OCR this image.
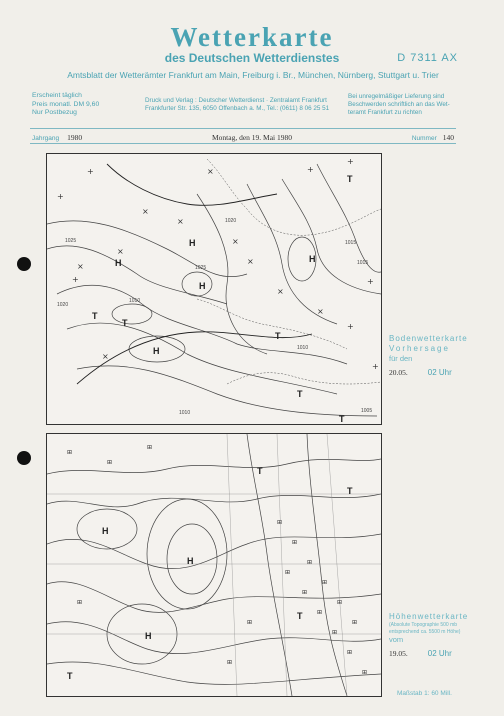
Wetterkarte
des Deutschen Wetterdienstes	D 7311 AX
Amtsblatt der Wetterämter Frankfurt am Main, Freiburg i. Br., München, Nürnberg, Stuttgart u. Trier
Erscheint täglich
Preis monatl. DM 9,60
Nur Postbezug
Druck und Verlag : Deutscher Wetterdienst · Zentralamt Frankfurt
Frankfurter Str. 135, 6050 Offenbach a. M., Tel.: (0611) 8 06 25 51
Bei unregelmäßiger Lieferung sind
Beschwerden schriftlich an das Wet-
teramt Frankfurt zu richten
Jahrgang 1980	Montag, den 19. Mai 1980	Nummer 140
H
H
H
H
H
T
T
T
T
T
T
1025
1020
1025
1010
1020
1015
1010
1015
1010	1005
+	+
+
+
+
+
+
+
×
×
×
×
×
×
×
×
×
×
Bodenwetterkarte
Vorhersage
für den
20.05.	02 Uhr
H
H
H
T
T
T
T
⊞
⊞
⊞
⊞
⊞
⊞
⊞
⊞
⊞
⊞
⊞
⊞
⊞
⊞
⊞
⊞
⊞
⊞
Höhenwetterkarte
(Absolute Topographie 500 mb
entsprechend ca. 5500 m Höhe)
vom
19.05.	02 Uhr
Maßstab 1: 60 Mill.
